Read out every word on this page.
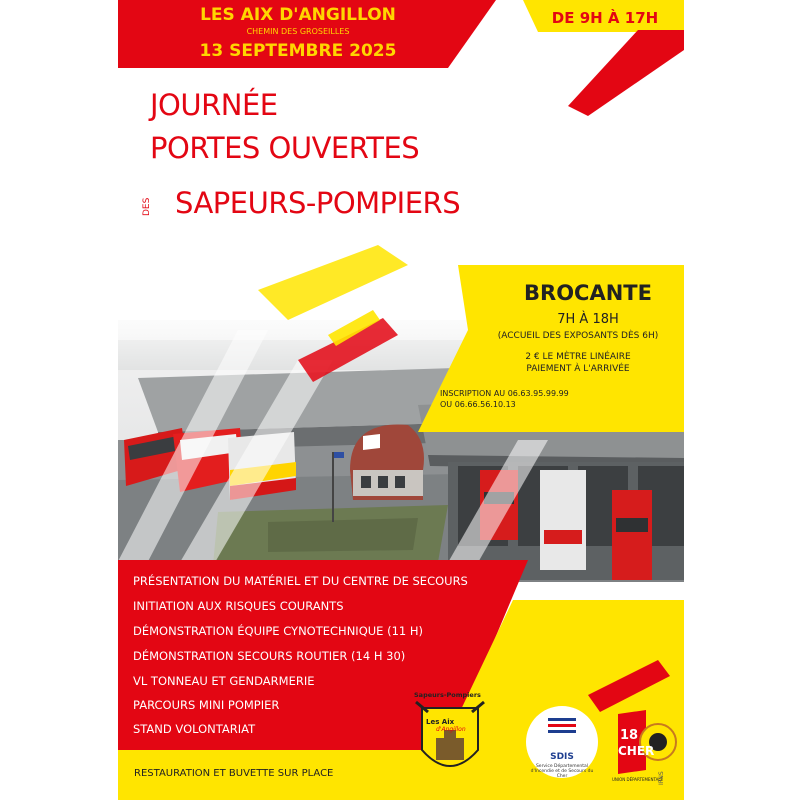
LES AIX D'ANGILLON
CHEMIN DES GROSEILLES
13 SEPTEMBRE 2025
DE 9H À 17H
JOURNÉE
PORTES OUVERTES
DES SAPEURS-POMPIERS
BROCANTE
7H À 18H
(ACCUEIL DES EXPOSANTS DÈS 6H)
2 € LE MÈTRE LINÉAIRE
PAIEMENT À L'ARRIVÉE
INSCRIPTION AU 06.63.95.99.99
OU 06.66.56.10.13
PRÉSENTATION DU MATÉRIEL ET DU CENTRE DE SECOURS
INITIATION AUX RISQUES COURANTS
DÉMONSTRATION ÉQUIPE CYNOTECHNIQUE (11 H)
DÉMONSTRATION SECOURS ROUTIER (14 H 30)
VL TONNEAU ET GENDARMERIE
PARCOURS MINI POMPIER
STAND VOLONTARIAT
RESTAURATION ET BUVETTE SUR PLACE
Sapeurs-Pompiers
Les Aix
d'Angillon
SDIS
Service Départemental d'Incendie et de Secours du Cher
18
CHER
UNION DÉPARTEMENTALE
IPNS
